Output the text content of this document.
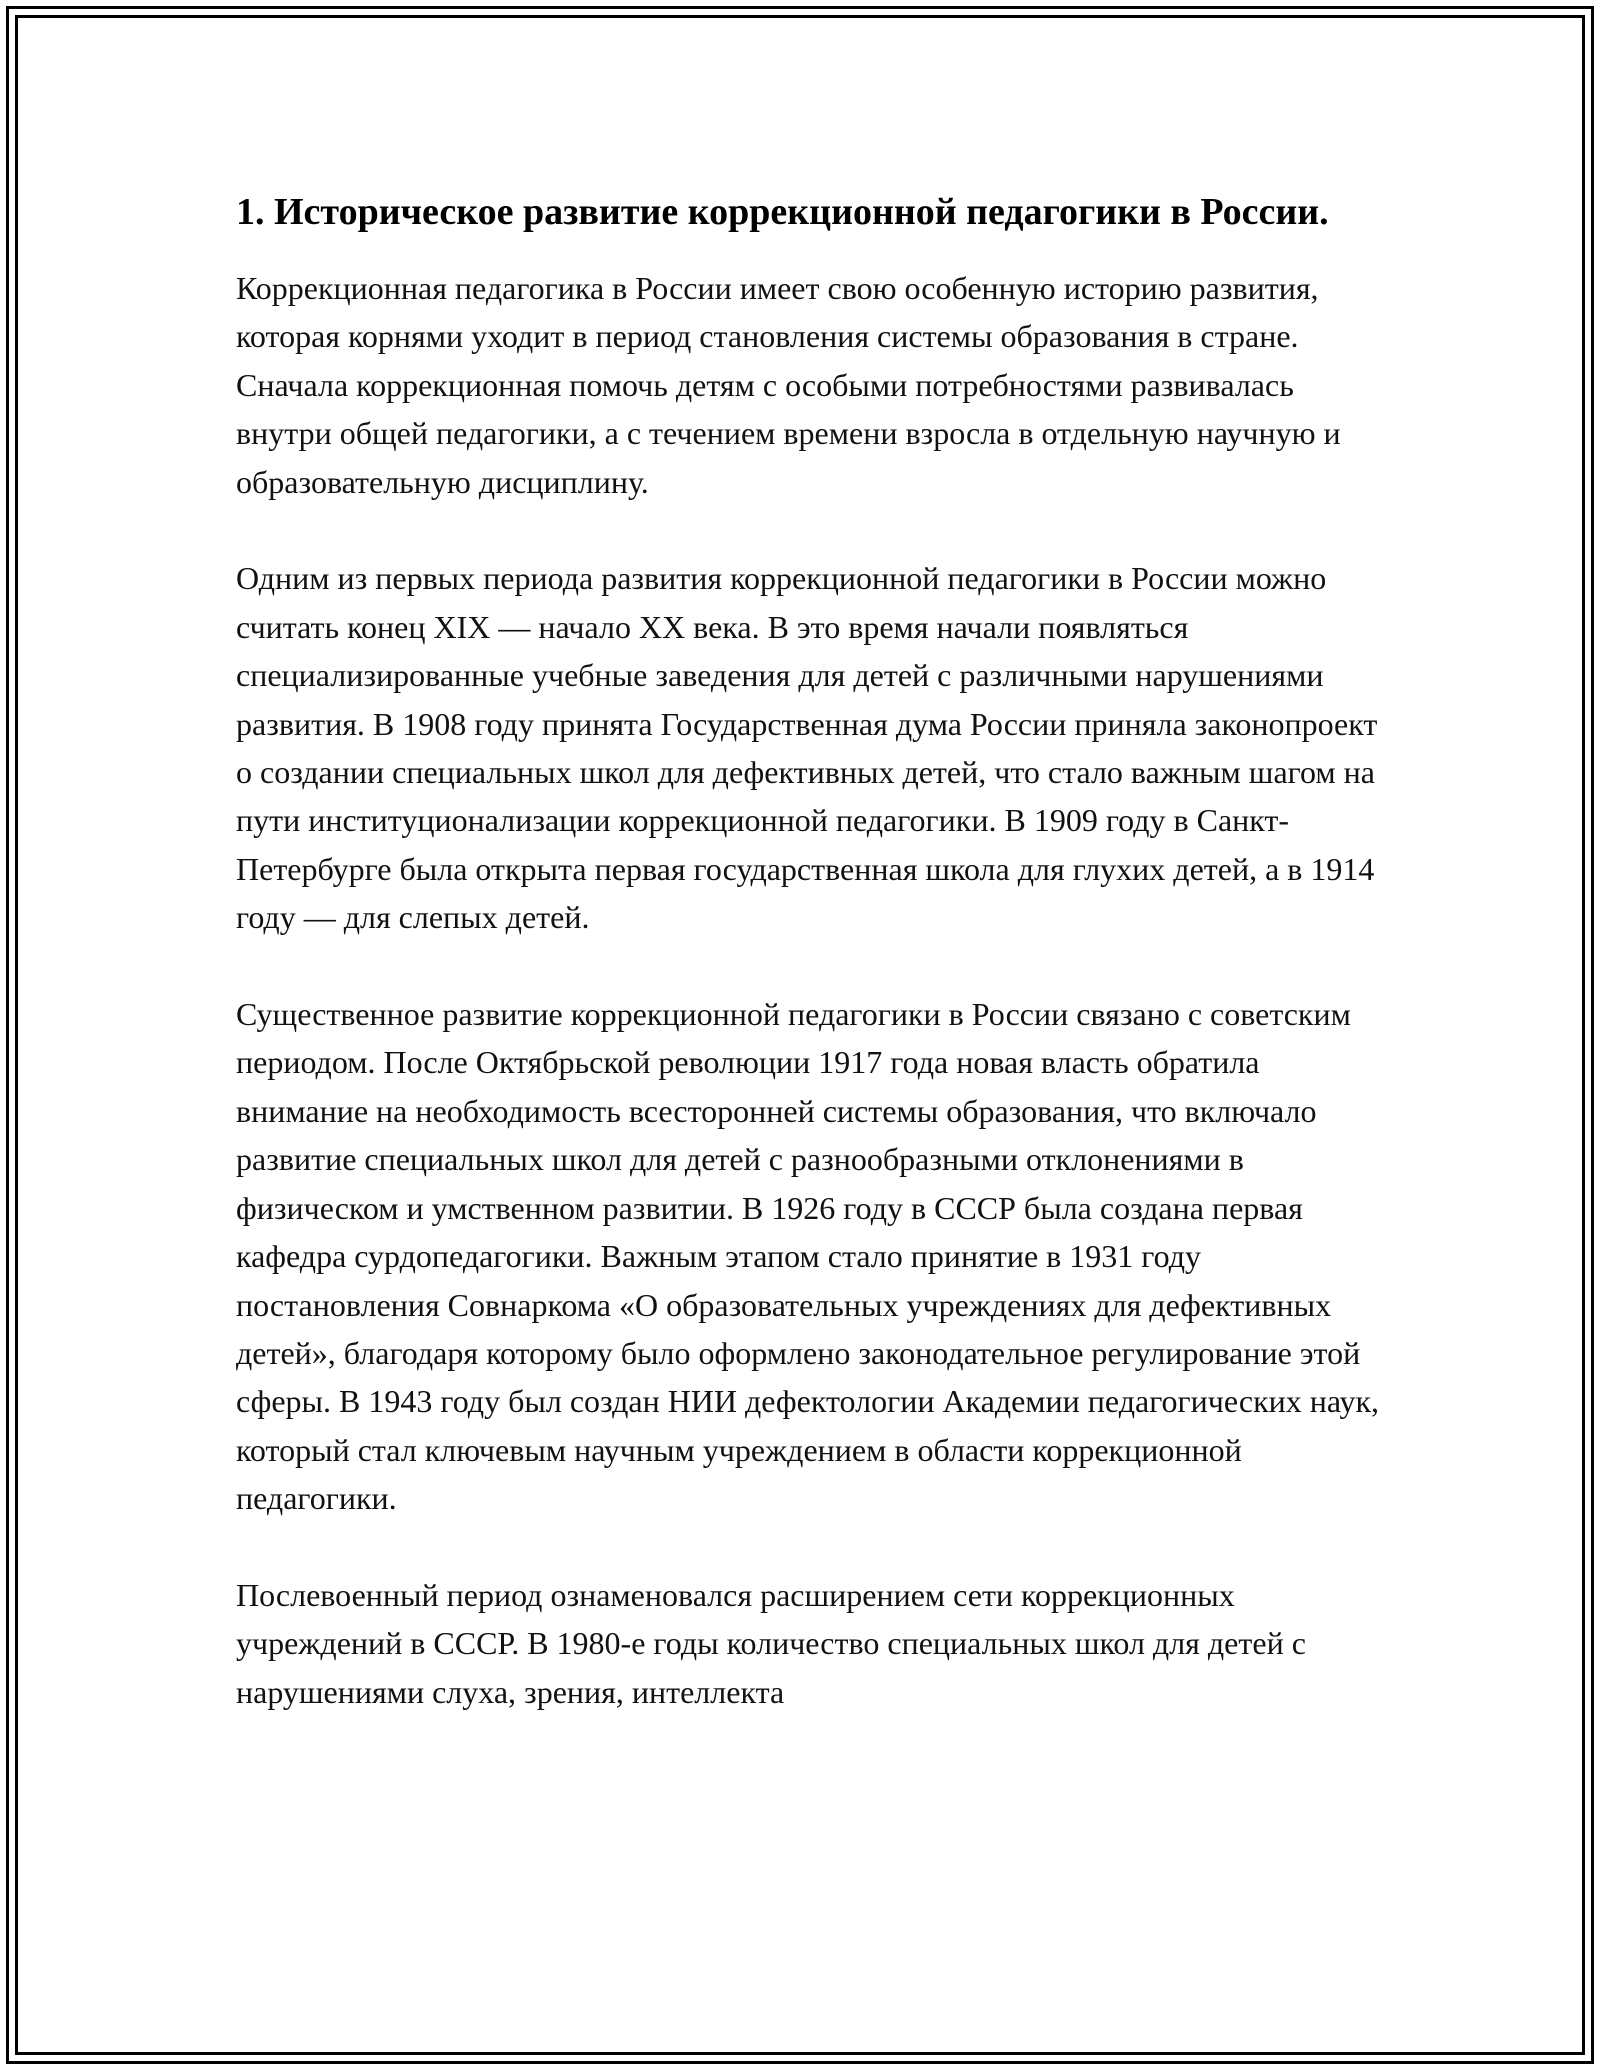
1. Историческое развитие коррекционной педагогики в России.

Коррекционная педагогика в России имеет свою особенную историю развития, которая корнями уходит в период становления системы образования в стране. Сначала коррекционная помочь детям с особыми потребностями развивалась внутри общей педагогики, а с течением времени взросла в отдельную научную и образовательную дисциплину.

Одним из первых периода развития коррекционной педагогики в России можно считать конец XIX — начало XX века. В это время начали появляться специализированные учебные заведения для детей с различными нарушениями развития. В 1908 году принята Государственная дума России приняла законопроект о создании специальных школ для дефективных детей, что стало важным шагом на пути институционализации коррекционной педагогики. В 1909 году в Санкт-Петербурге была открыта первая государственная школа для глухих детей, а в 1914 году — для слепых детей.

Существенное развитие коррекционной педагогики в России связано с советским периодом. После Октябрьской революции 1917 года новая власть обратила внимание на необходимость всесторонней системы образования, что включало развитие специальных школ для детей с разнообразными отклонениями в физическом и умственном развитии. В 1926 году в СССР была создана первая кафедра сурдопедагогики. Важным этапом стало принятие в 1931 году постановления Совнаркома «О образовательных учреждениях для дефективных детей», благодаря которому было оформлено законодательное регулирование этой сферы. В 1943 году был создан НИИ дефектологии Академии педагогических наук, который стал ключевым научным учреждением в области коррекционной педагогики.

Послевоенный период ознаменовался расширением сети коррекционных учреждений в СССР. В 1980-е годы количество специальных школ для детей с нарушениями слуха, зрения, интеллекта
